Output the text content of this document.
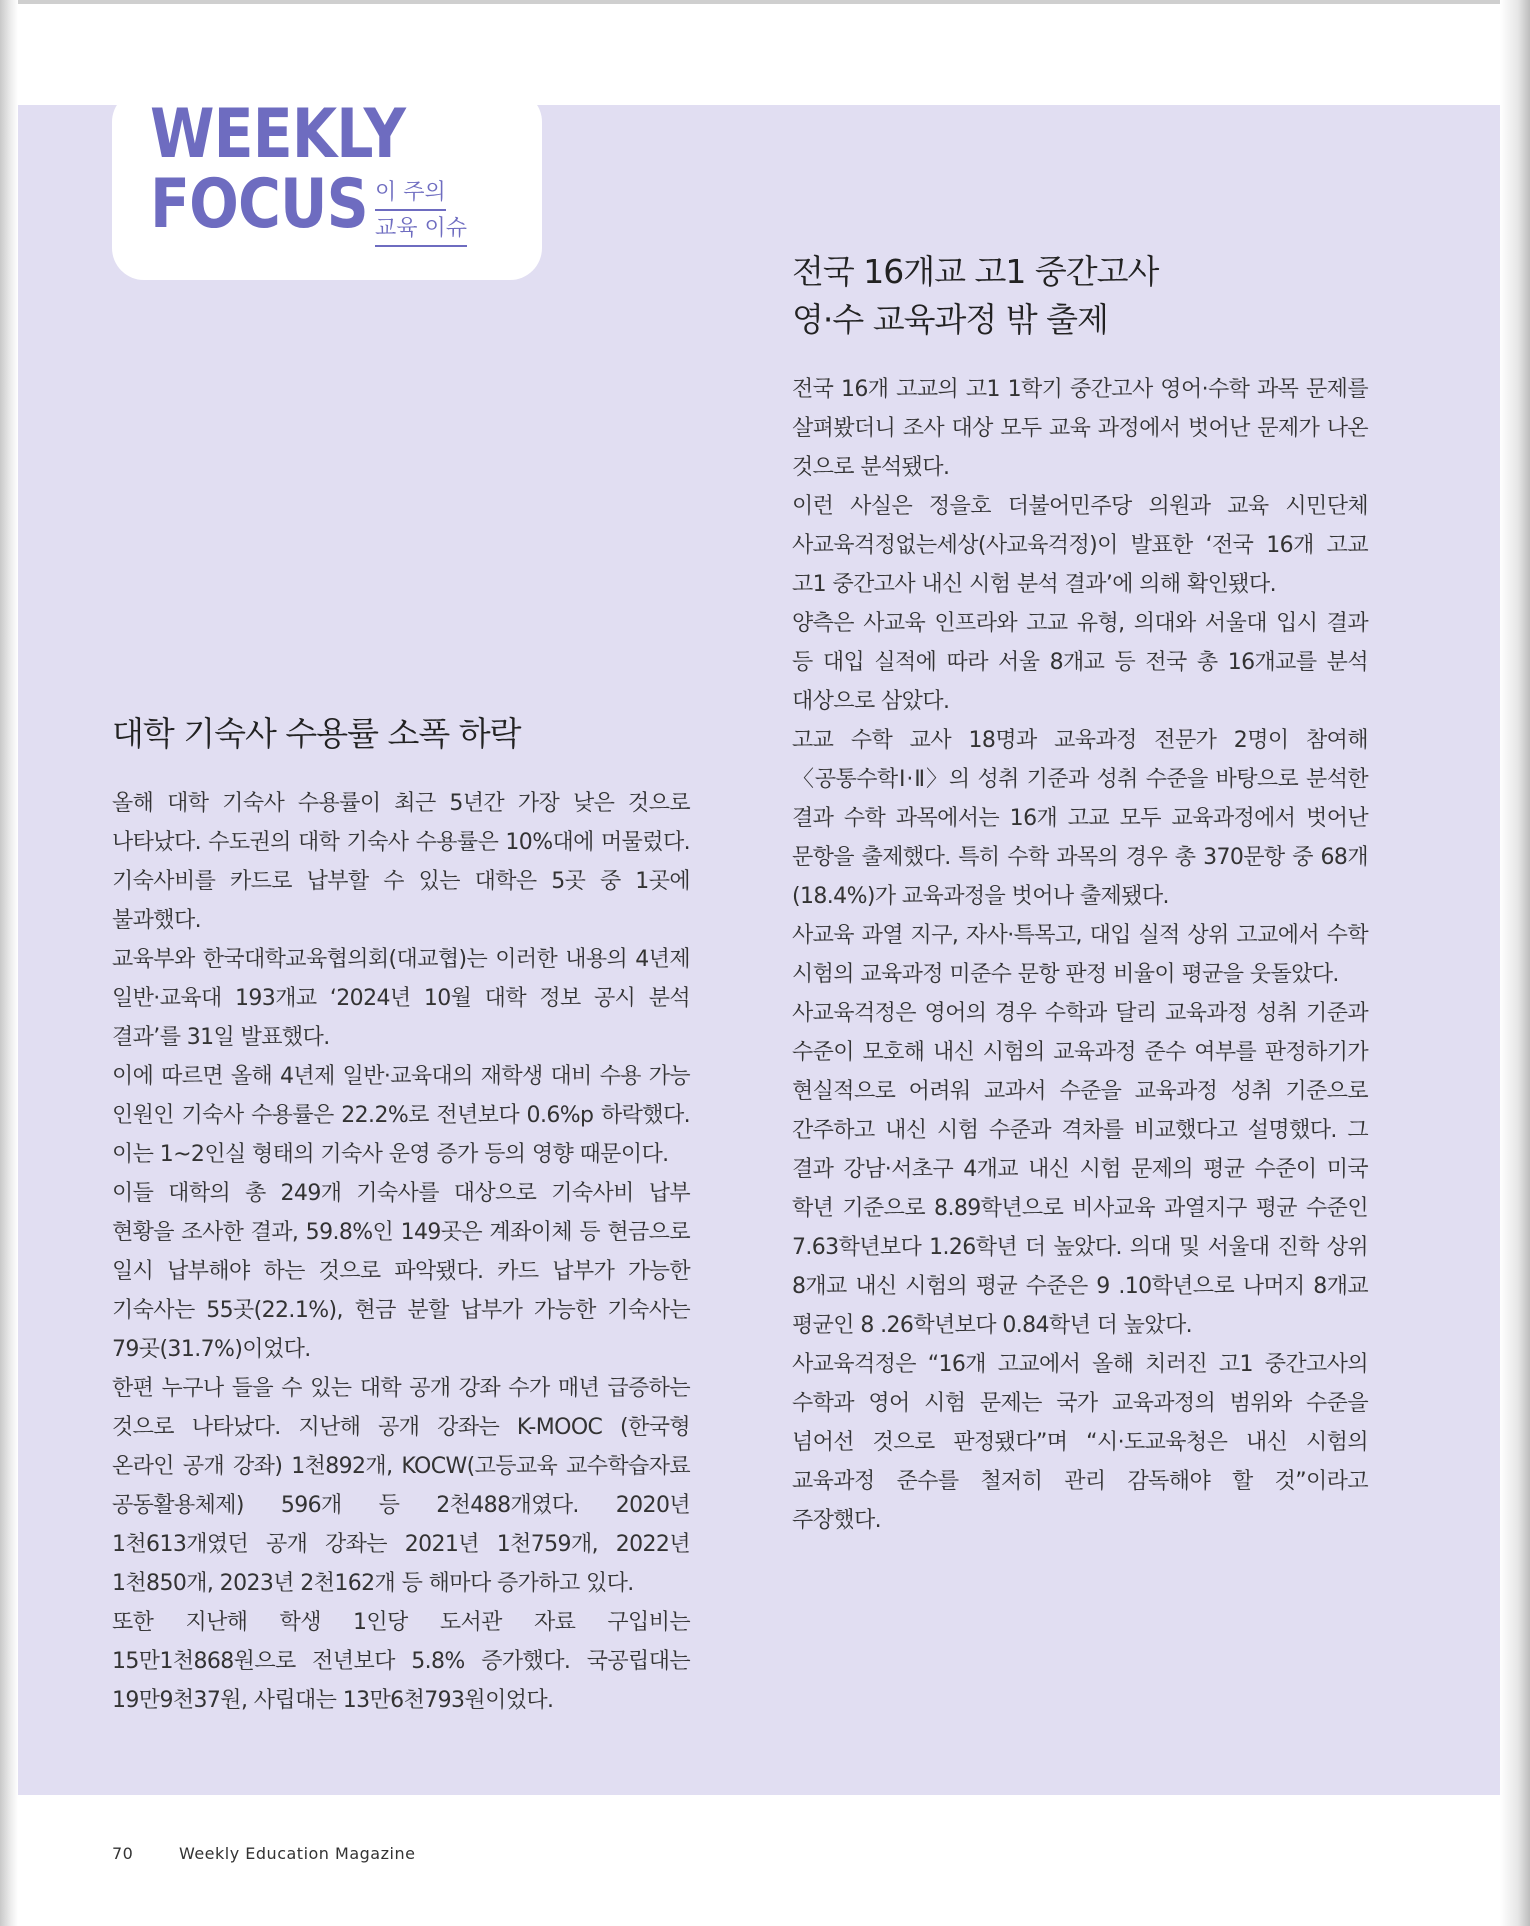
WEEKLY
FOCUS 이 주의
교육 이슈
대학 기숙사 수용률 소폭 하락

올해 대학 기숙사 수용률이 최근 5년간 가장 낮은 것으로 나타났다. 수도권의 대학 기숙사 수용률은 10%대에 머물렀다. 기숙사비를 카드로 납부할 수 있는 대학은 5곳 중 1곳에 불과했다.

교육부와 한국대학교육협의회(대교협)는 이러한 내용의 4년제 일반·교육대 193개교 ‘2024년 10월 대학 정보 공시 분석 결과’를 31일 발표했다.

이에 따르면 올해 4년제 일반·교육대의 재학생 대비 수용 가능 인원인 기숙사 수용률은 22.2%로 전년보다 0.6%p 하락했다. 이는 1~2인실 형태의 기숙사 운영 증가 등의 영향 때문이다.

이들 대학의 총 249개 기숙사를 대상으로 기숙사비 납부 현황을 조사한 결과, 59.8%인 149곳은 계좌이체 등 현금으로 일시 납부해야 하는 것으로 파악됐다. 카드 납부가 가능한 기숙사는 55곳(22.1%), 현금 분할 납부가 가능한 기숙사는 79곳(31.7%)이었다.

한편 누구나 들을 수 있는 대학 공개 강좌 수가 매년 급증하는 것으로 나타났다. 지난해 공개 강좌는 K-MOOC (한국형 온라인 공개 강좌) 1천892개, KOCW(고등교육 교수학습자료 공동활용체제) 596개 등 2천488개였다. 2020년 1천613개였던 공개 강좌는 2021년 1천759개, 2022년 1천850개, 2023년 2천162개 등 해마다 증가하고 있다.

또한 지난해 학생 1인당 도서관 자료 구입비는 15만1천868원으로 전년보다 5.8% 증가했다. 국공립대는 19만9천37원, 사립대는 13만6천793원이었다.

전국 16개교 고1 중간고사
영·수 교육과정 밖 출제

전국 16개 고교의 고1 1학기 중간고사 영어·수학 과목 문제를 살펴봤더니 조사 대상 모두 교육 과정에서 벗어난 문제가 나온 것으로 분석됐다.

이런 사실은 정을호 더불어민주당 의원과 교육 시민단체 사교육걱정없는세상(사교육걱정)이 발표한 ‘전국 16개 고교 고1 중간고사 내신 시험 분석 결과’에 의해 확인됐다.

양측은 사교육 인프라와 고교 유형, 의대와 서울대 입시 결과 등 대입 실적에 따라 서울 8개교 등 전국 총 16개교를 분석 대상으로 삼았다.

고교 수학 교사 18명과 교육과정 전문가 2명이 참여해 〈공통수학Ⅰ·Ⅱ〉의 성취 기준과 성취 수준을 바탕으로 분석한 결과 수학 과목에서는 16개 고교 모두 교육과정에서 벗어난 문항을 출제했다. 특히 수학 과목의 경우 총 370문항 중 68개(18.4%)가 교육과정을 벗어나 출제됐다.

사교육 과열 지구, 자사·특목고, 대입 실적 상위 고교에서 수학 시험의 교육과정 미준수 문항 판정 비율이 평균을 웃돌았다.

사교육걱정은 영어의 경우 수학과 달리 교육과정 성취 기준과 수준이 모호해 내신 시험의 교육과정 준수 여부를 판정하기가 현실적으로 어려워 교과서 수준을 교육과정 성취 기준으로 간주하고 내신 시험 수준과 격차를 비교했다고 설명했다. 그 결과 강남·서초구 4개교 내신 시험 문제의 평균 수준이 미국 학년 기준으로 8.89학년으로 비사교육 과열지구 평균 수준인 7.63학년보다 1.26학년 더 높았다. 의대 및 서울대 진학 상위 8개교 내신 시험의 평균 수준은 9 .10학년으로 나머지 8개교 평균인 8 .26학년보다 0.84학년 더 높았다.

사교육걱정은 “16개 고교에서 올해 치러진 고1 중간고사의 수학과 영어 시험 문제는 국가 교육과정의 범위와 수준을 넘어선 것으로 판정됐다”며 “시·도교육청은 내신 시험의 교육과정 준수를 철저히 관리 감독해야 할 것”이라고 주장했다.

70	Weekly Education Magazine
